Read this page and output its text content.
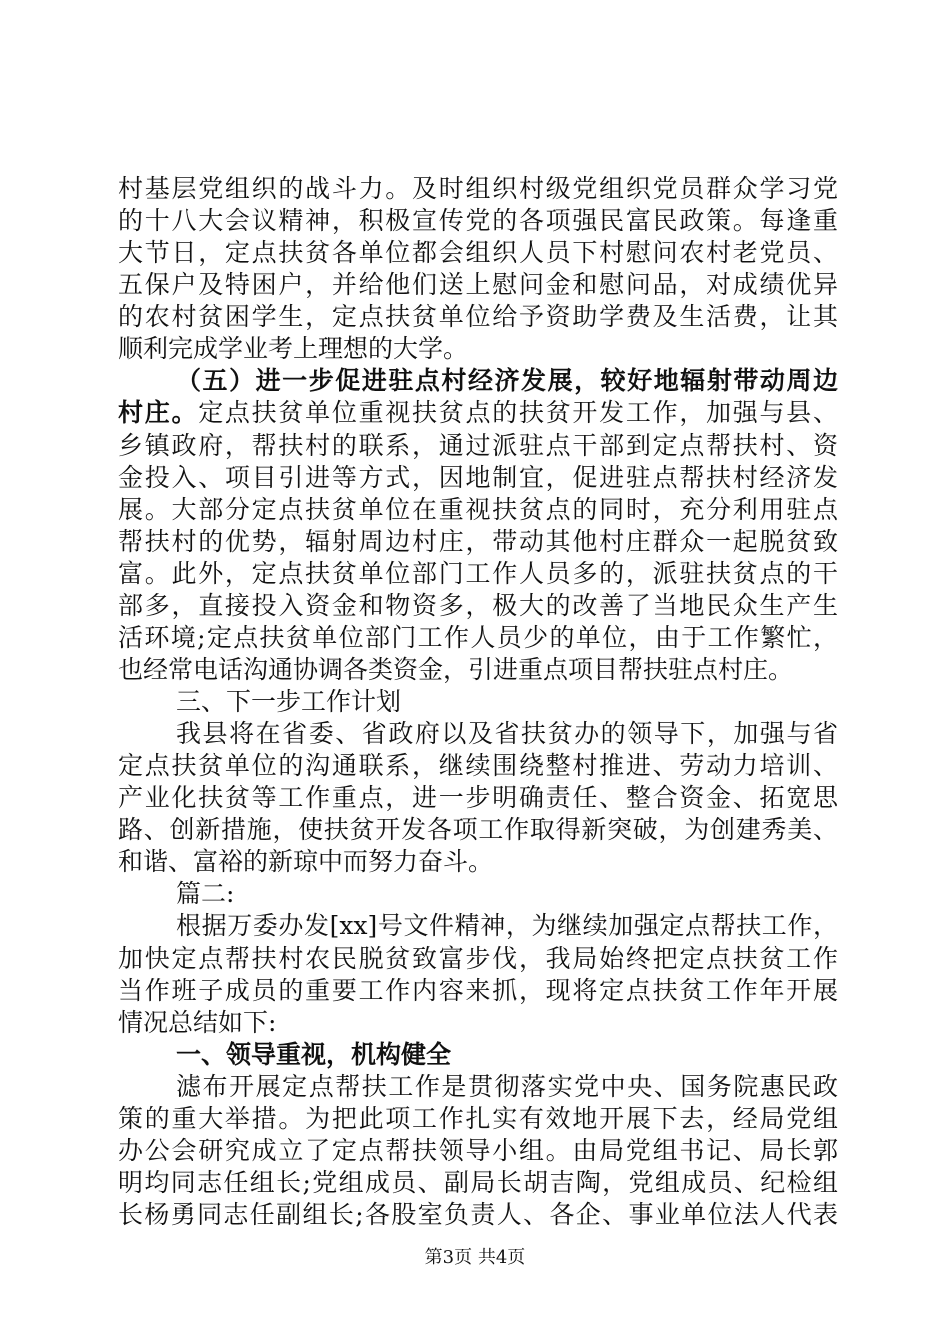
村基层党组织的战斗力。及时组织村级党组织党员群众学习党
的十八大会议精神，积极宣传党的各项强民富民政策。每逢重
大节日，定点扶贫各单位都会组织人员下村慰问农村老党员、
五保户及特困户，并给他们送上慰问金和慰问品，对成绩优异
的农村贫困学生，定点扶贫单位给予资助学费及生活费，让其
顺利完成学业考上理想的大学。
（五）进一步促进驻点村经济发展，较好地辐射带动周边
村庄。定点扶贫单位重视扶贫点的扶贫开发工作，加强与县、
乡镇政府，帮扶村的联系，通过派驻点干部到定点帮扶村、资
金投入、项目引进等方式，因地制宜，促进驻点帮扶村经济发
展。大部分定点扶贫单位在重视扶贫点的同时，充分利用驻点
帮扶村的优势，辐射周边村庄，带动其他村庄群众一起脱贫致
富。此外，定点扶贫单位部门工作人员多的，派驻扶贫点的干
部多，直接投入资金和物资多，极大的改善了当地民众生产生
活环境;定点扶贫单位部门工作人员少的单位，由于工作繁忙，
也经常电话沟通协调各类资金，引进重点项目帮扶驻点村庄。
三、下一步工作计划
我县将在省委、省政府以及省扶贫办的领导下，加强与省
定点扶贫单位的沟通联系，继续围绕整村推进、劳动力培训、
产业化扶贫等工作重点，进一步明确责任、整合资金、拓宽思
路、创新措施，使扶贫开发各项工作取得新突破，为创建秀美、
和谐、富裕的新琼中而努力奋斗。
篇二:
根据万委办发[xx]号文件精神，为继续加强定点帮扶工作，
加快定点帮扶村农民脱贫致富步伐，我局始终把定点扶贫工作
当作班子成员的重要工作内容来抓，现将定点扶贫工作年开展
情况总结如下:
一、领导重视，机构健全
滤布开展定点帮扶工作是贯彻落实党中央、国务院惠民政
策的重大举措。为把此项工作扎实有效地开展下去，经局党组
办公会研究成立了定点帮扶领导小组。由局党组书记、局长郭
明均同志任组长;党组成员、副局长胡吉陶，党组成员、纪检组
长杨勇同志任副组长;各股室负责人、各企、事业单位法人代表
第3页 共4页
